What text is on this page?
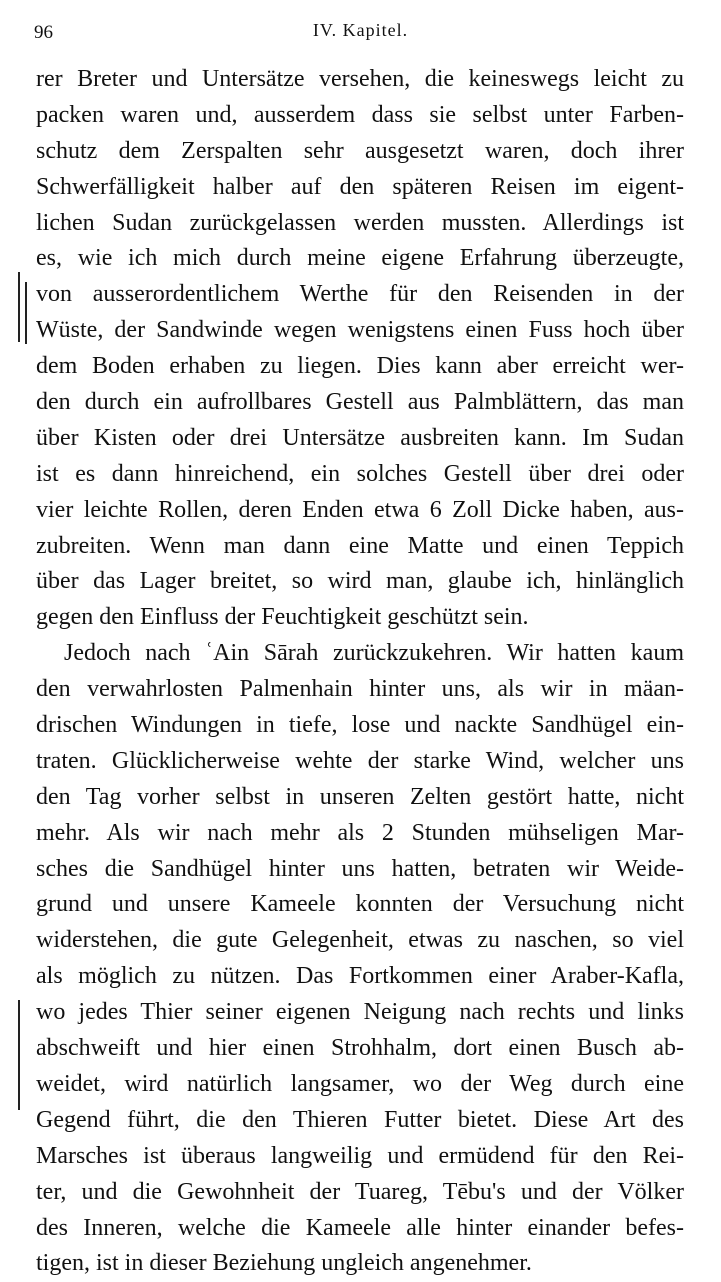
96	IV. Kapitel.
rer Breter und Untersätze versehen, die keineswegs leicht zu
packen waren und, ausserdem dass sie selbst unter Farben-
schutz dem Zerspalten sehr ausgesetzt waren, doch ihrer
Schwerfälligkeit halber auf den späteren Reisen im eigent-
lichen Sudan zurückgelassen werden mussten. Allerdings ist
es, wie ich mich durch meine eigene Erfahrung überzeugte,
von ausserordentlichem Werthe für den Reisenden in der
Wüste, der Sandwinde wegen wenigstens einen Fuss hoch über
dem Boden erhaben zu liegen. Dies kann aber erreicht wer-
den durch ein aufrollbares Gestell aus Palmblättern, das man
über Kisten oder drei Untersätze ausbreiten kann. Im Sudan
ist es dann hinreichend, ein solches Gestell über drei oder
vier leichte Rollen, deren Enden etwa 6 Zoll Dicke haben, aus-
zubreiten. Wenn man dann eine Matte und einen Teppich
über das Lager breitet, so wird man, glaube ich, hinlänglich
gegen den Einfluss der Feuchtigkeit geschützt sein.
Jedoch nach ʿAin Sārah zurückzukehren. Wir hatten kaum
den verwahrlosten Palmenhain hinter uns, als wir in mäan-
drischen Windungen in tiefe, lose und nackte Sandhügel ein-
traten. Glücklicherweise wehte der starke Wind, welcher uns
den Tag vorher selbst in unseren Zelten gestört hatte, nicht
mehr. Als wir nach mehr als 2 Stunden mühseligen Mar-
sches die Sandhügel hinter uns hatten, betraten wir Weide-
grund und unsere Kameele konnten der Versuchung nicht
widerstehen, die gute Gelegenheit, etwas zu naschen, so viel
als möglich zu nützen. Das Fortkommen einer Araber-Kafla,
wo jedes Thier seiner eigenen Neigung nach rechts und links
abschweift und hier einen Strohhalm, dort einen Busch ab-
weidet, wird natürlich langsamer, wo der Weg durch eine
Gegend führt, die den Thieren Futter bietet. Diese Art des
Marsches ist überaus langweilig und ermüdend für den Rei-
ter, und die Gewohnheit der Tuareg, Tēbu's und der Völker
des Inneren, welche die Kameele alle hinter einander befes-
tigen, ist in dieser Beziehung ungleich angenehmer.
